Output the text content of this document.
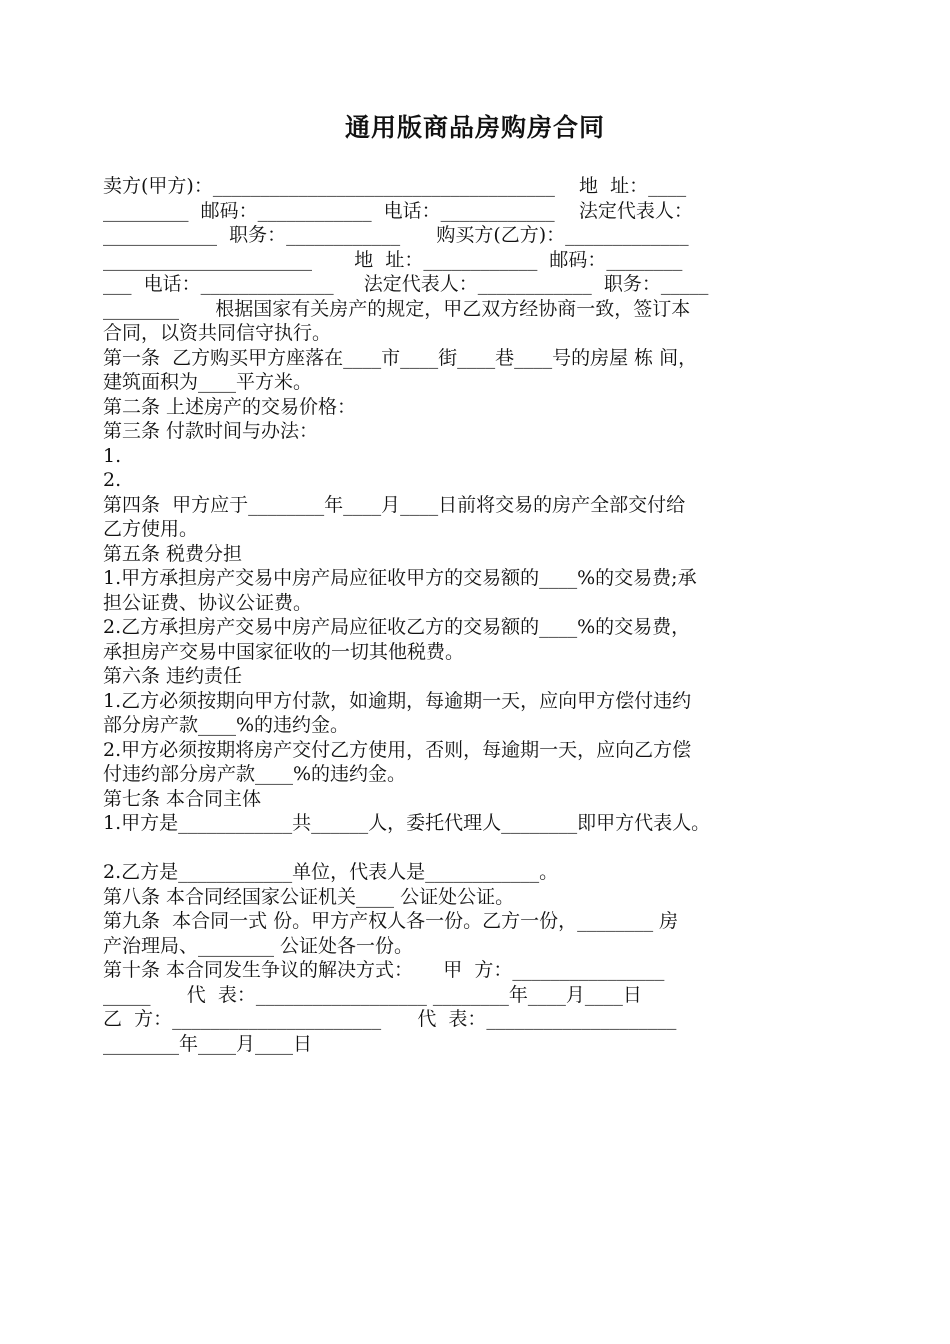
通用版商品房购房合同
卖方(甲方)：____________________________________    地  址：____
_________  邮码：____________  电话：____________    法定代表人：
____________  职务：____________      购买方(乙方)：_____________
______________________       地  址：____________  邮码：________
___  电话：______________     法定代表人：____________  职务：_____
________      根据国家有关房产的规定，甲乙双方经协商一致，签订本
合同，以资共同信守执行。
第一条  乙方购买甲方座落在____市____街____巷____号的房屋 栋 间，
建筑面积为____平方米。
第二条 上述房产的交易价格：
第三条 付款时间与办法：
1.
2.
第四条  甲方应于________年____月____日前将交易的房产全部交付给
乙方使用。
第五条 税费分担
1.甲方承担房产交易中房产局应征收甲方的交易额的____%的交易费;承
担公证费、协议公证费。
2.乙方承担房产交易中房产局应征收乙方的交易额的____%的交易费，
承担房产交易中国家征收的一切其他税费。
第六条 违约责任
1.乙方必须按期向甲方付款，如逾期，每逾期一天，应向甲方偿付违约
部分房产款____%的违约金。
2.甲方必须按期将房产交付乙方使用，否则，每逾期一天，应向乙方偿
付违约部分房产款____%的违约金。
第七条 本合同主体
1.甲方是____________共______人，委托代理人________即甲方代表人。
2.乙方是____________单位，代表人是____________。
第八条 本合同经国家公证机关____ 公证处公证。
第九条  本合同一式 份。甲方产权人各一份。乙方一份，________ 房
产治理局、________ 公证处各一份。
第十条 本合同发生争议的解决方式：     甲  方：________________
_____      代  表：__________________ ________年____月____日
乙  方：______________________      代  表：____________________
________年____月____日
